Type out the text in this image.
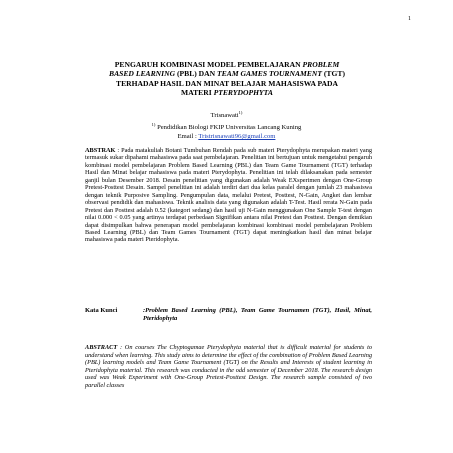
1
PENGARUH KOMBINASI MODEL PEMBELAJARAN PROBLEM
BASED LEARNING (PBL) DAN TEAM GAMES TOURNAMENT (TGT)
TERHADAP HASIL DAN MINAT BELAJAR MAHASISWA PADA
MATERI PTERYDOPHYTA
Trisnawati$^{1)}$
$^{1)}$ Pendidikan Biologi FKIP Universitas Lancang Kuning
Email : Tristrisnawati96@gmail.com
ABSTRAK : Pada matakuliah Botani Tumbuhan Rendah pada sub materi Pterydophyta merupakan materi yang termasuk sukar dipahami mahasiswa pada saat pembelajaran. Penelitian ini bertujuan untuk mengetahui pengaruh kombinasi model pembelajaran Problem Based Learning (PBL) dan Team Game Tournament (TGT) terhadap Hasil dan Minat belajar mahasiswa pada materi Pterydophyta. Penelitian ini telah dilaksanakan pada semester ganjil bulan Desember 2018. Desain penelitian yang digunakan adalah Weak EXsperimen dengan One-Group Pretest-Posttest Desain. Sampel penelitian ini adalah terdiri dari dua kelas paralel dengan jumlah 23 mahasiswa dengan teknik Purposive Sampling. Pengumpulan data, melalui Pretest, Posttest, N-Gain, Angket dan lembar observasi pendidik dan mahasiswa. Teknik analisis data yang digunakan adalah T-Test. Hasil rerata N-Gain pada Pretest dan Posttest adalah 0.52 (kategori sedang) dan hasil uji N-Gain menggunakan One Sample T-test dengan nilai 0.000 < 0.05 yang artinya terdapat perbedaan Signifikan antara nilai Pretest dan Posttest. Dengan demikian dapat disimpulkan bahwa penerapan model pembelajaran kombinasi kombinasi model pembelajaran Problem Based Learning (PBL) dan Team Games Tournament (TGT) dapat meningkatkan hasil dan minat belajar mahasiswa pada materi Pteridophyta.
Kata Kunci	:Problem Based Learning (PBL), Team Game Tournamen (TGT), Hasil, Minat, Pteridophyta
ABSTRACT : On courses The Chyptogamae Pterydophyta material that is difficult material for students to understand when learning. This study aims to determine the effect of the combination of Problem Based Learning (PBL) learning models and Team Game Tournament (TGT) on the Results and Interests of student learning in Pteridophyta material. This research was conducted in the odd semester of December 2018. The research design used was Weak Experiment with One-Group Pretest-Posttest Design. The research sample consisted of two parallel classes
